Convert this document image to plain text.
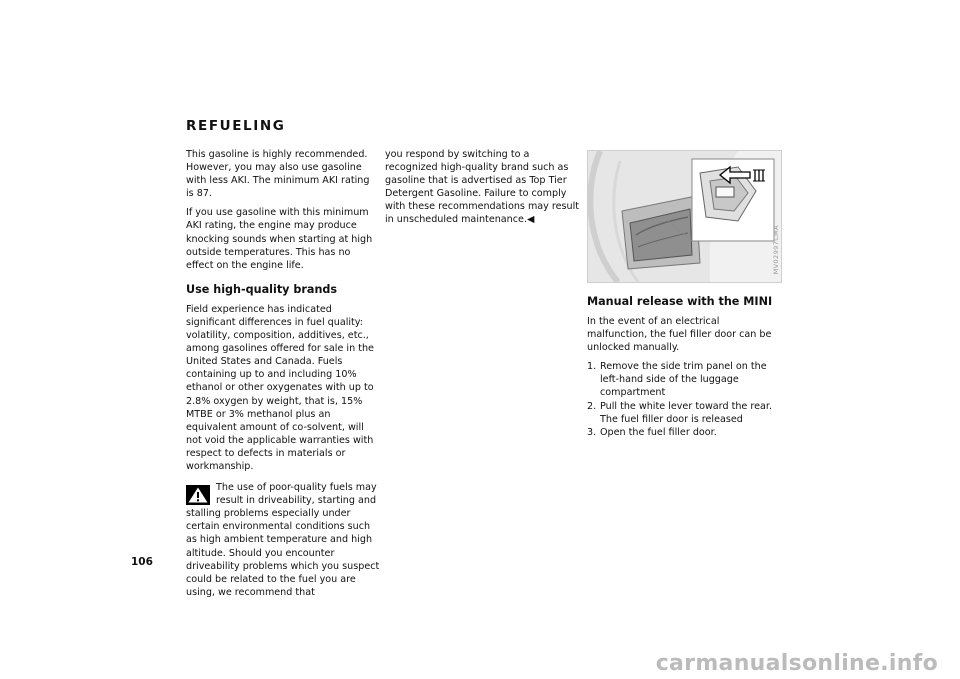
REFUELING

This gasoline is highly recommended. However, you may also use gasoline with less AKI. The minimum AKI rating is 87.

If you use gasoline with this minimum AKI rating, the engine may produce knocking sounds when starting at high outside temperatures. This has no effect on the engine life.

Use high-quality brands

Field experience has indicated significant differences in fuel quality: volatility, composition, additives, etc., among gasolines offered for sale in the United States and Canada. Fuels containing up to and including 10% ethanol or other oxygenates with up to 2.8% oxygen by weight, that is, 15% MTBE or 3% methanol plus an equivalent amount of co-solvent, will not void the applicable warranties with respect to defects in materials or workmanship.

The use of poor-quality fuels may
result in driveability, starting and
stalling problems especially under certain environmental conditions such as high ambient temperature and high altitude. Should you encounter driveability problems which you suspect could be related to the fuel you are using, we recommend that

you respond by switching to a recognized high-quality brand such as gasoline that is advertised as Top Tier Detergent Gasoline. Failure to comply with these recommendations may result in unscheduled maintenance.◀

MV02997CMA
Manual release with the MINI

In the event of an electrical malfunction, the fuel filler door can be unlocked manually.

1. Remove the side trim panel on the left-hand side of the luggage compartment
2. Pull the white lever toward the rear. The fuel filler door is released
3. Open the fuel filler door.
106
carmanualsonline.info
